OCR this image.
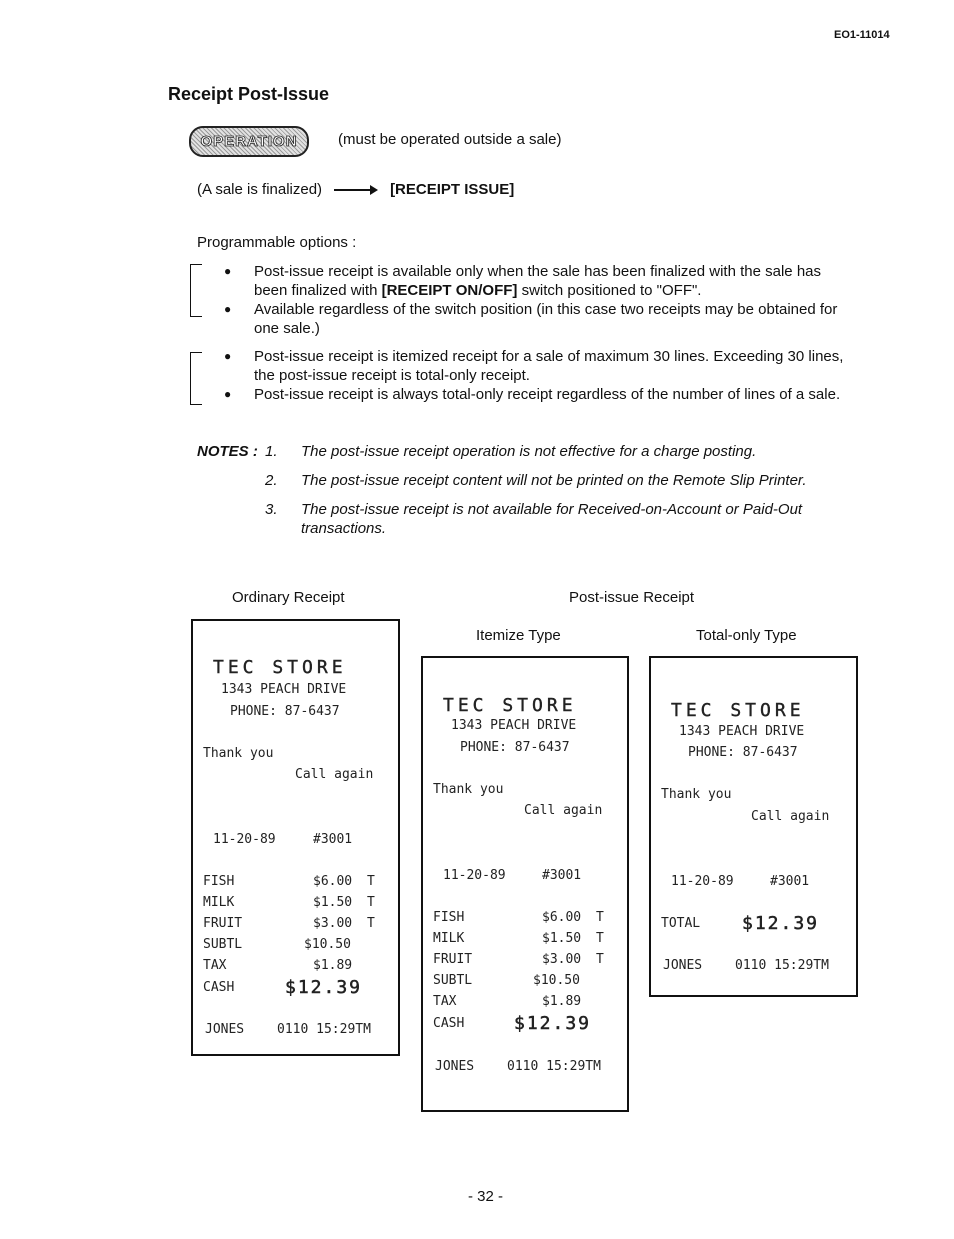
EO1-11014
Receipt Post-Issue
OPERATION	(must be operated outside a sale)
(A sale is finalized)	[RECEIPT ISSUE]
Programmable options :
●	Post-issue receipt is available only when the sale has been finalized with the sale has been finalized with [RECEIPT ON/OFF] switch positioned to "OFF".
●	Available regardless of the switch position (in this case two receipts may be obtained for one sale.)
●	Post-issue receipt is itemized receipt for a sale of maximum 30 lines. Exceeding 30 lines, the post-issue receipt is total-only receipt.
●	Post-issue receipt is always total-only receipt regardless of the number of lines of a sale.
NOTES : 1.	The post-issue receipt operation is not effective for a charge posting.
2.	The post-issue receipt content will not be printed on the Remote Slip Printer.
3.	The post-issue receipt is not available for Received-on-Account or Paid-Out transactions.
Ordinary Receipt	Post-issue Receipt
Itemize Type	Total-only Type
TEC STORE
1343 PEACH DRIVE
PHONE: 87-6437
Thank you
Call again
11-20-89	#3001
FISH	$6.00 T
MILK	$1.50 T
FRUIT	$3.00 T
SUBTL	$10.50
TAX	$1.89
CASH	$12.39
JONES	0110 15:29TM
TEC STORE
1343 PEACH DRIVE
PHONE: 87-6437
Thank you
Call again
11-20-89	#3001
FISH	$6.00 T
MILK	$1.50 T
FRUIT	$3.00 T
SUBTL	$10.50
TAX	$1.89
CASH	$12.39
JONES	0110 15:29TM
TEC STORE
1343 PEACH DRIVE
PHONE: 87-6437
Thank you
Call again
11-20-89	#3001
TOTAL $12.39
JONES	0110 15:29TM
- 32 -
